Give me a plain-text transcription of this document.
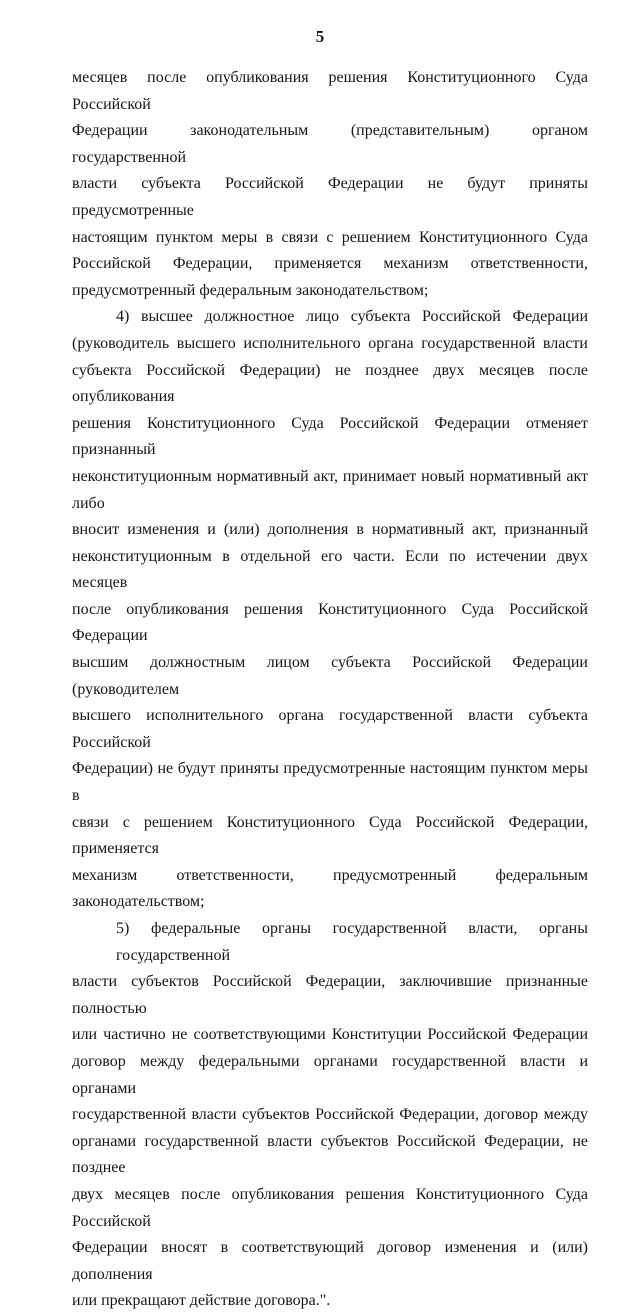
5

месяцев после опубликования решения Конституционного Суда Российской

Федерации законодательным (представительным) органом государственной

власти субъекта Российской Федерации не будут приняты предусмотренные

настоящим пунктом меры в связи с решением Конституционного Суда

Российской Федерации, применяется механизм ответственности,

предусмотренный федеральным законодательством;

4) высшее должностное лицо субъекта Российской Федерации

(руководитель высшего исполнительного органа государственной власти

субъекта Российской Федерации) не позднее двух месяцев после опубликования

решения Конституционного Суда Российской Федерации отменяет признанный

неконституционным нормативный акт, принимает новый нормативный акт либо

вносит изменения и (или) дополнения в нормативный акт, признанный

неконституционным в отдельной его части. Если по истечении двух месяцев

после опубликования решения Конституционного Суда Российской Федерации

высшим должностным лицом субъекта Российской Федерации (руководителем

высшего исполнительного органа государственной власти субъекта Российской

Федерации) не будут приняты предусмотренные настоящим пунктом меры в

связи с решением Конституционного Суда Российской Федерации, применяется

механизм ответственности, предусмотренный федеральным законодательством;

5) федеральные органы государственной власти, органы государственной

власти субъектов Российской Федерации, заключившие признанные полностью

или частично не соответствующими Конституции Российской Федерации

договор между федеральными органами государственной власти и органами

государственной власти субъектов Российской Федерации, договор между

органами государственной власти субъектов Российской Федерации, не позднее

двух месяцев после опубликования решения Конституционного Суда Российской

Федерации вносят в соответствующий договор изменения и (или) дополнения

или прекращают действие договора.".
